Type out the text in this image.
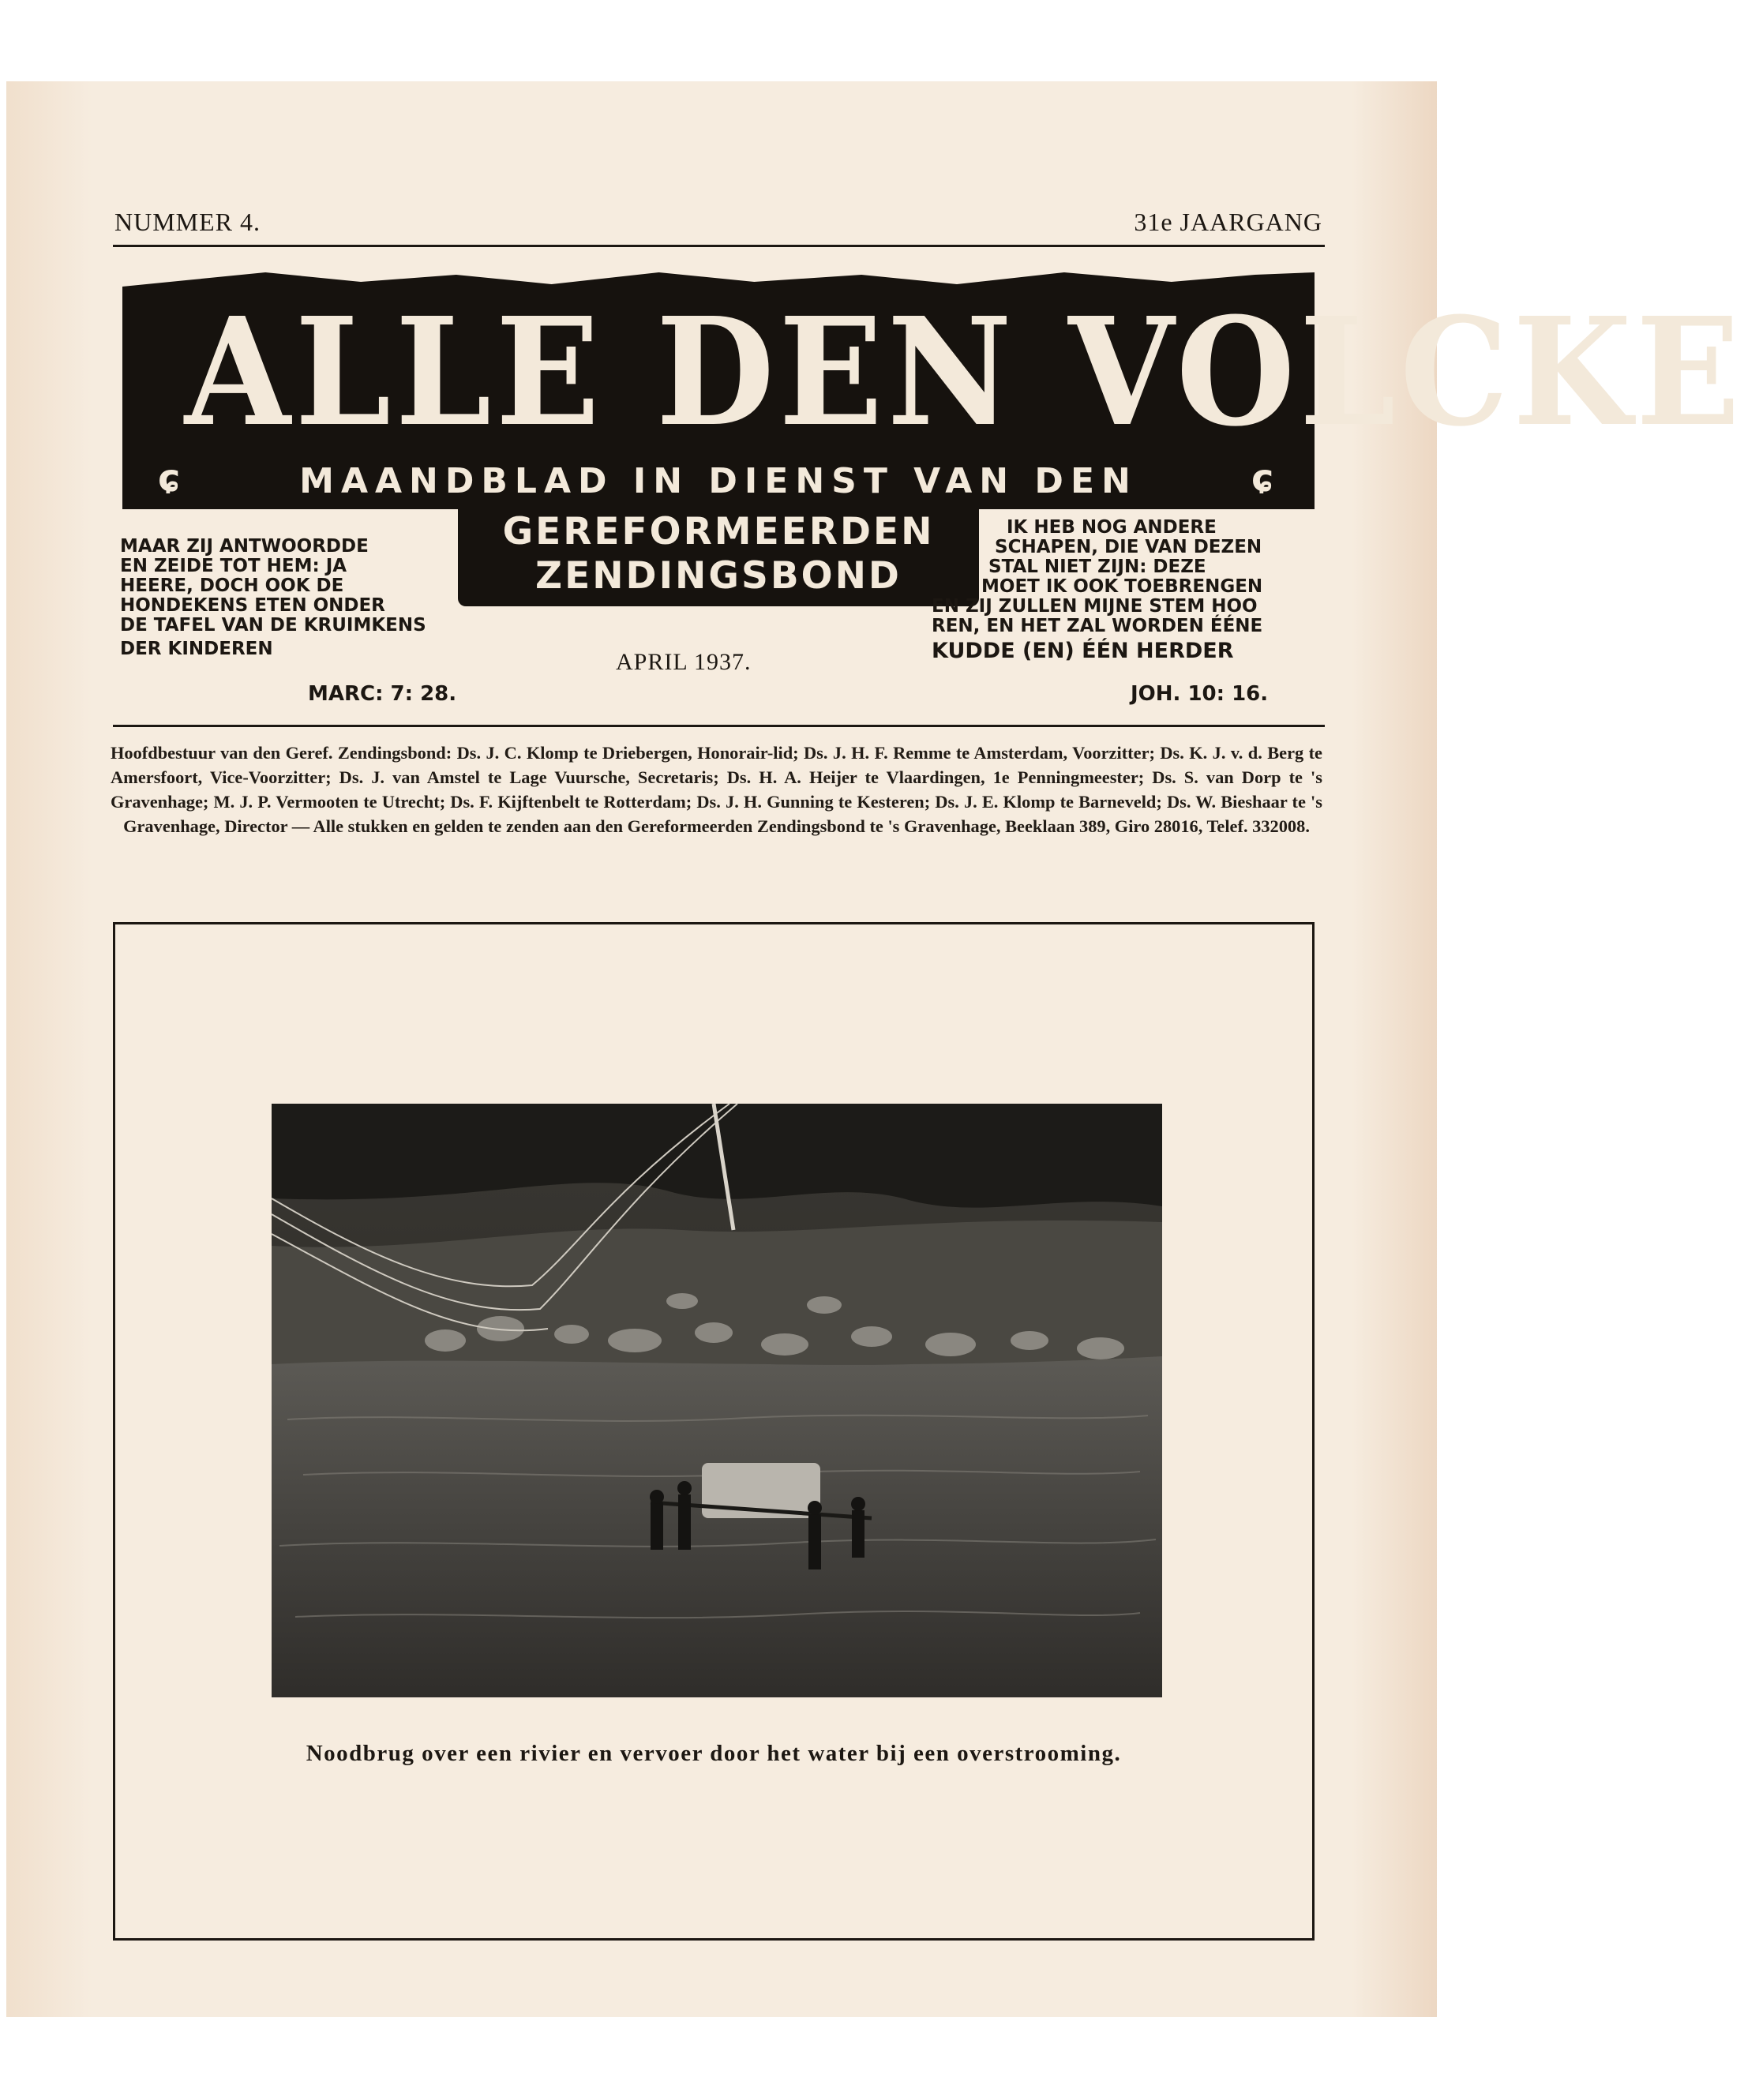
NUMMER 4.	31e JAARGANG
ALLE DEN VOLCKE
ɕ	ɕ
MAANDBLAD IN DIENST VAN DEN
GEREFORMEERDEN
ZENDINGSBOND
MAAR ZIJ ANTWOORDDE
EN ZEIDE TOT HEM: JA
HEERE, DOCH OOK DE
HONDEKENS ETEN ONDER
DE TAFEL VAN DE KRUIMKENS
DER KINDEREN
MARC: 7: 28.
APRIL 1937.
IK HEB NOG ANDERE
SCHAPEN, DIE VAN DEZEN
STAL NIET ZIJN: DEZE
MOET IK OOK TOEBRENGEN
EN ZIJ ZULLEN MIJNE STEM HOO
REN, EN HET ZAL WORDEN ÉÉNE
KUDDE (EN) ÉÉN HERDER
JOH. 10: 16.
Hoofdbestuur van den Geref. Zendingsbond: Ds. J. C. Klomp te Driebergen, Honorair-lid; Ds. J. H. F. Remme te Amsterdam, Voorzitter; Ds. K. J. v. d. Berg te Amersfoort, Vice-Voorzitter; Ds. J. van Amstel te Lage Vuursche, Secretaris; Ds. H. A. Heijer te Vlaardingen, 1e Penningmeester; Ds. S. van Dorp te 's Gravenhage; M. J. P. Vermooten te Utrecht; Ds. F. Kijftenbelt te Rotterdam; Ds. J. H. Gunning te Kesteren; Ds. J. E. Klomp te Barneveld; Ds. W. Bieshaar te 's Gravenhage, Director — Alle stukken en gelden te zenden aan den Gereformeerden Zendingsbond te 's Gravenhage, Beeklaan 389, Giro 28016, Telef. 332008.
Noodbrug over een rivier en vervoer door het water bij een overstrooming.
